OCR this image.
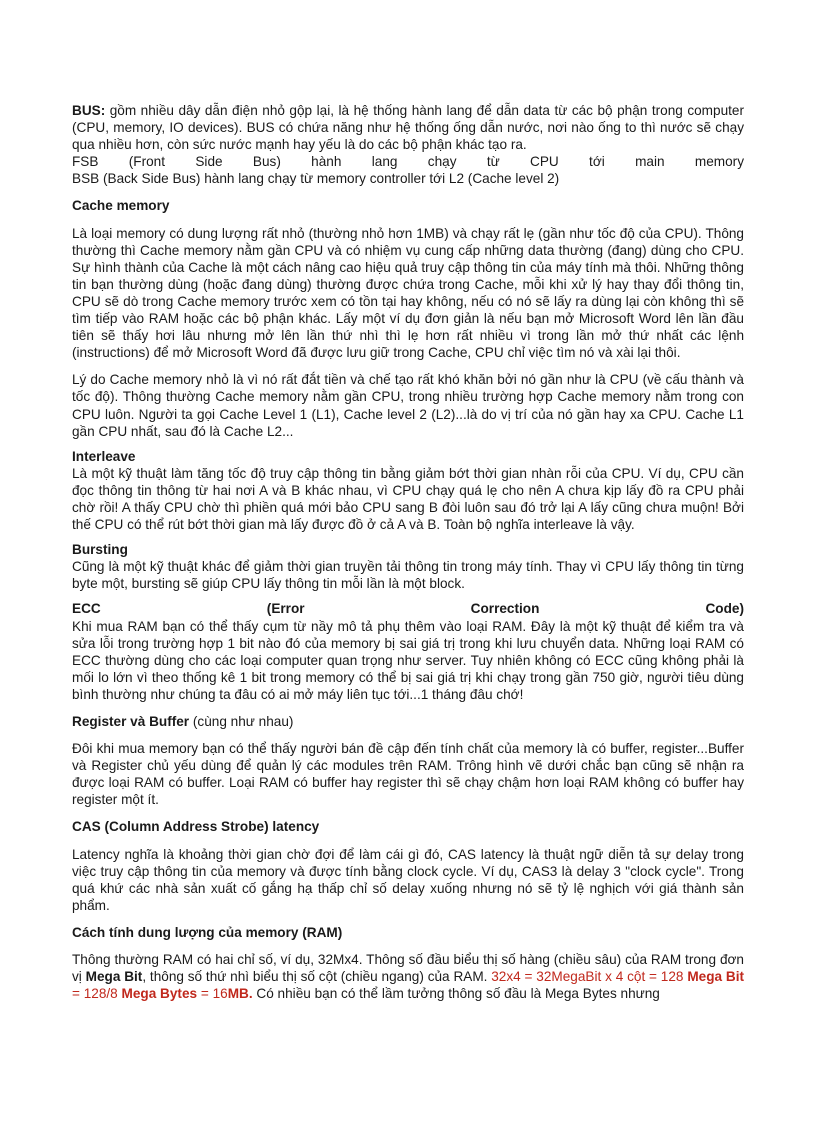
BUS: gồm nhiều dây dẫn điện nhỏ gộp lại, là hệ thống hành lang để dẫn data từ các bộ phận trong computer (CPU, memory, IO devices). BUS có chứa năng như hệ thống ống dẫn nước, nơi nào ống to thì nước sẽ chạy qua nhiều hơn, còn sức nước mạnh hay yếu là do các bộ phận khác tạo ra.

FSB (Front Side Bus) hành lang chạy từ CPU tới main memory

BSB (Back Side Bus) hành lang chạy từ memory controller tới L2 (Cache level 2)

Cache memory

Là loại memory có dung lượng rất nhỏ (thường nhỏ hơn 1MB) và chạy rất lẹ (gần như tốc độ của CPU). Thông thường thì Cache memory nằm gần CPU và có nhiệm vụ cung cấp những data thường (đang) dùng cho CPU. Sự hình thành của Cache là một cách nâng cao hiệu quả truy cập thông tin của máy tính mà thôi. Những thông tin bạn thường dùng (hoặc đang dùng) thường được chứa trong Cache, mỗi khi xử lý hay thay đổi thông tin, CPU sẽ dò trong Cache memory trước xem có tồn tại hay không, nếu có nó sẽ lấy ra dùng lại còn không thì sẽ tìm tiếp vào RAM hoặc các bộ phận khác. Lấy một ví dụ đơn giản là nếu bạn mở Microsoft Word lên lần đầu tiên sẽ thấy hơi lâu nhưng mở lên lần thứ nhì thì lẹ hơn rất nhiều vì trong lần mở thứ nhất các lệnh (instructions) để mở Microsoft Word đã được lưu giữ trong Cache, CPU chỉ việc tìm nó và xài lại thôi.

Lý do Cache memory nhỏ là vì nó rất đắt tiền và chế tạo rất khó khăn bởi nó gần như là CPU (về cấu thành và tốc độ). Thông thường Cache memory nằm gần CPU, trong nhiều trường hợp Cache memory nằm trong con CPU luôn. Người ta gọi Cache Level 1 (L1), Cache level 2 (L2)...là do vị trí của nó gần hay xa CPU. Cache L1 gần CPU nhất, sau đó là Cache L2...

Interleave

Là một kỹ thuật làm tăng tốc độ truy cập thông tin bằng giảm bớt thời gian nhàn rỗi của CPU. Ví dụ, CPU cần đọc thông tin thông từ hai nơi A và B khác nhau, vì CPU chạy quá lẹ cho nên A chưa kịp lấy đồ ra CPU phải chờ rồi! A thấy CPU chờ thì phiền quá mới bảo CPU sang B đòi luôn sau đó trở lại A lấy cũng chưa muộn! Bởi thế CPU có thể rút bớt thời gian mà lấy được đồ ở cả A và B. Toàn bộ nghĩa interleave là vậy.

Bursting

Cũng là một kỹ thuật khác để giảm thời gian truyền tải thông tin trong máy tính. Thay vì CPU lấy thông tin từng byte một, bursting sẽ giúp CPU lấy thông tin mỗi lần là một block.

ECC (Error Correction Code)

Khi mua RAM bạn có thể thấy cụm từ nầy mô tả phụ thêm vào loại RAM. Đây là một kỹ thuật để kiểm tra và sửa lỗi trong trường hợp 1 bit nào đó của memory bị sai giá trị trong khi lưu chuyển data. Những loại RAM có ECC thường dùng cho các loại computer quan trọng như server. Tuy nhiên không có ECC cũng không phải là mối lo lớn vì theo thống kê 1 bit trong memory có thể bị sai giá trị khi chạy trong gần 750 giờ, người tiêu dùng bình thường như chúng ta đâu có ai mở máy liên tục tới...1 tháng đâu chớ!

Register và Buffer (cùng như nhau)

Đôi khi mua memory bạn có thể thấy người bán đề cập đến tính chất của memory là có buffer, register...Buffer và Register chủ yếu dùng để quản lý các modules trên RAM. Trông hình vẽ dưới chắc bạn cũng sẽ nhận ra được loại RAM có buffer. Loại RAM có buffer hay register thì sẽ chạy chậm hơn loại RAM không có buffer hay register một ít.

CAS (Column Address Strobe) latency

Latency nghĩa là khoảng thời gian chờ đợi để làm cái gì đó, CAS latency là thuật ngữ diễn tả sự delay trong việc truy cập thông tin của memory và được tính bằng clock cycle. Ví dụ, CAS3 là delay 3 "clock cycle". Trong quá khứ các nhà sản xuất cố gắng hạ thấp chỉ số delay xuống nhưng nó sẽ tỷ lệ nghịch với giá thành sản phẩm.

Cách tính dung lượng của memory (RAM)

Thông thường RAM có hai chỉ số, ví dụ, 32Mx4. Thông số đầu biểu thị số hàng (chiều sâu) của RAM trong đơn vị Mega Bit, thông số thứ nhì biểu thị số cột (chiều ngang) của RAM. 32x4 = 32MegaBit x 4 cột = 128 Mega Bit = 128/8 Mega Bytes = 16MB. Có nhiều bạn có thể lầm tưởng thông số đầu là Mega Bytes nhưng
